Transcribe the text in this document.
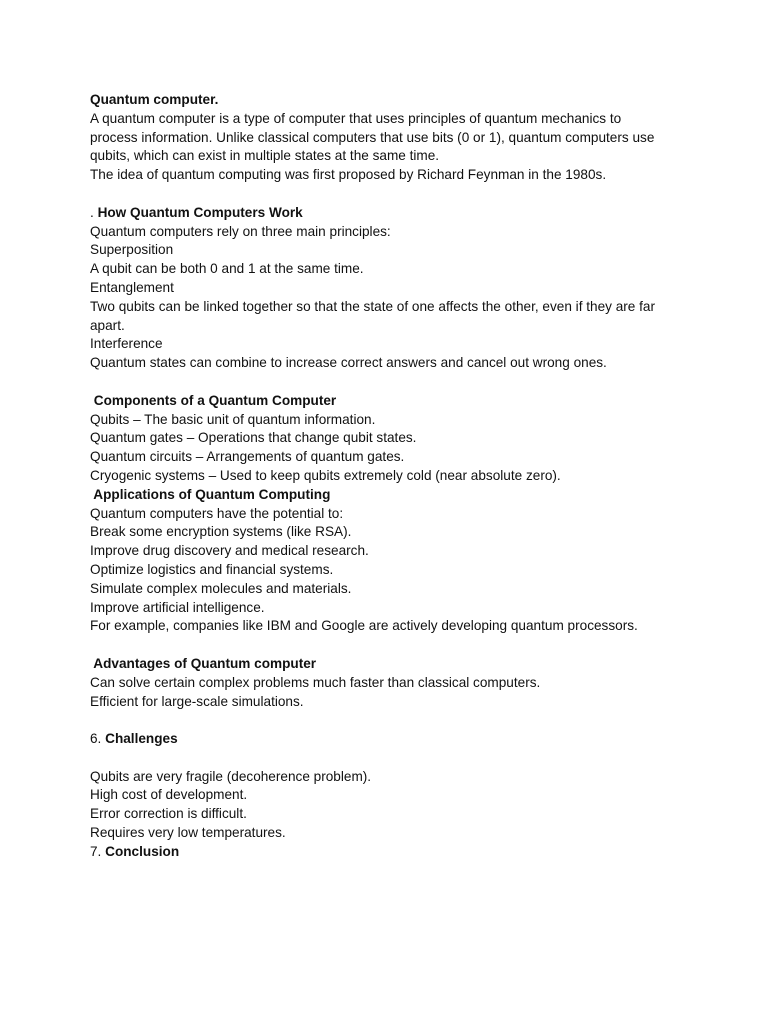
Quantum computer.
A quantum computer is a type of computer that uses principles of quantum mechanics to
process information. Unlike classical computers that use bits (0 or 1), quantum computers use
qubits, which can exist in multiple states at the same time.
The idea of quantum computing was first proposed by Richard Feynman in the 1980s.
. How Quantum Computers Work
Quantum computers rely on three main principles:
Superposition
A qubit can be both 0 and 1 at the same time.
Entanglement
Two qubits can be linked together so that the state of one affects the other, even if they are far
apart.
Interference
Quantum states can combine to increase correct answers and cancel out wrong ones.
Components of a Quantum Computer
Qubits – The basic unit of quantum information.
Quantum gates – Operations that change qubit states.
Quantum circuits – Arrangements of quantum gates.
Cryogenic systems – Used to keep qubits extremely cold (near absolute zero).
Applications of Quantum Computing
Quantum computers have the potential to:
Break some encryption systems (like RSA).
Improve drug discovery and medical research.
Optimize logistics and financial systems.
Simulate complex molecules and materials.
Improve artificial intelligence.
For example, companies like IBM and Google are actively developing quantum processors.
Advantages of Quantum computer
Can solve certain complex problems much faster than classical computers.
Efficient for large-scale simulations.
6. Challenges
Qubits are very fragile (decoherence problem).
High cost of development.
Error correction is difficult.
Requires very low temperatures.
7. Conclusion
